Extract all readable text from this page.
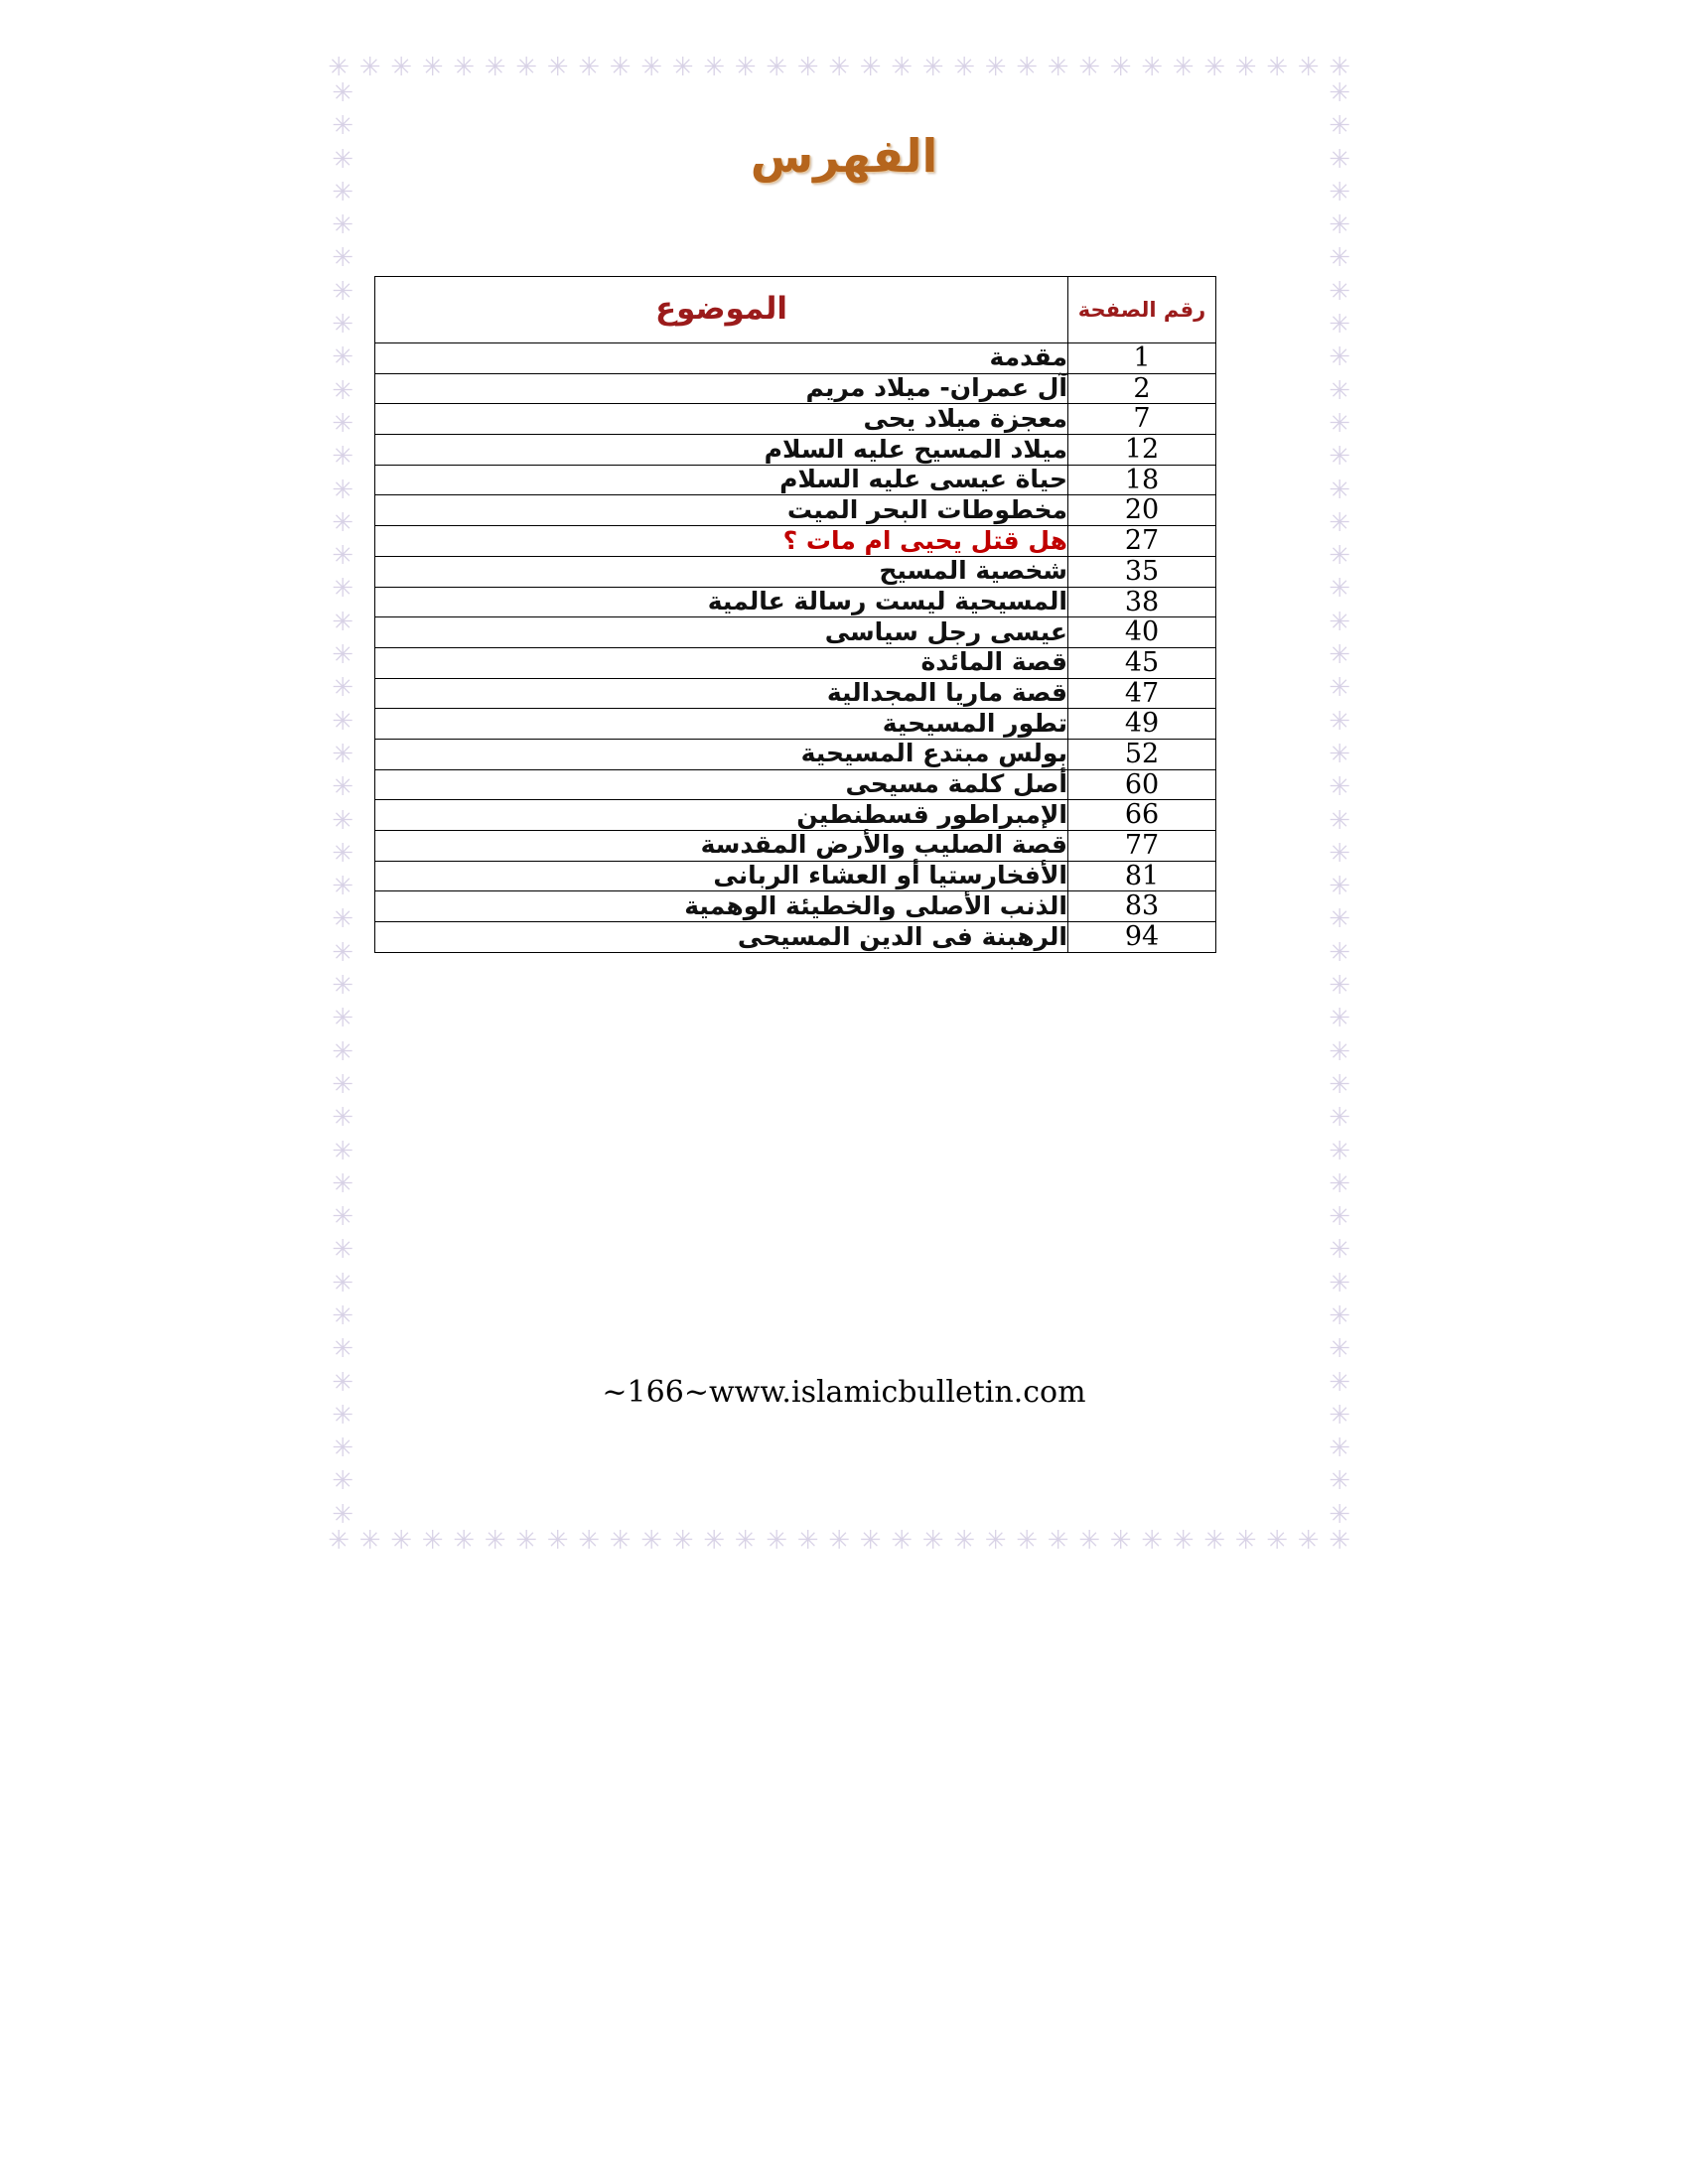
✳
✳
✳
✳
✳
✳
✳
✳
✳
✳
✳
✳
✳
✳
✳
✳
✳
✳
✳
✳
✳
✳
✳
✳
✳
✳
✳
✳
✳
✳
✳
✳
✳
✳
✳
✳
✳
✳
✳
✳
✳
✳
✳
✳
✳
✳
✳
✳
✳
✳
✳
✳
✳
✳
✳
✳
✳
✳
✳
✳
✳
✳
✳
✳
✳
✳
✳
✳
✳
✳
✳
✳
✳
✳
✳
✳
✳
✳
✳
✳
✳
✳
✳
✳
✳
✳
✳
✳
✳
✳
✳
✳
✳
✳
✳
✳
✳
✳
✳
✳
✳
✳
✳
✳
✳
✳
✳
✳
✳
✳
✳
✳
✳
✳
✳
✳
✳
✳
✳
✳
✳
✳
✳
✳
✳
✳
✳
✳
✳
✳
✳
✳
✳
✳
✳
✳
✳
✳
✳
✳
✳
✳
✳
✳
✳
✳
✳
✳
✳
✳
✳
✳
✳
✳
الفهرس
رقم الصفحة	الموضوع

1	مقدمة
2	آل عمران- ميلاد مريم
7	معجزة ميلاد يحى
12	ميلاد المسيح عليه السلام
18	حياة عيسى عليه السلام
20	مخطوطات البحر الميت
27	هل قتل يحيى ام مات ؟
35	شخصية المسيح
38	المسيحية ليست رسالة عالمية
40	عيسى رجل سياسى
45	قصة المائدة
47	قصة ماريا المجدالية
49	تطور المسيحية
52	بولس مبتدع المسيحية
60	أصل كلمة مسيحى
66	الإمبراطور قسطنطين
77	قصة الصليب والأرض المقدسة
81	الأفخارستيا أو العشاء الربانى
83	الذنب الأصلى والخطيئة الوهمية
94	الرهبنة فى الدين المسيحى
~166~www.islamicbulletin.com
